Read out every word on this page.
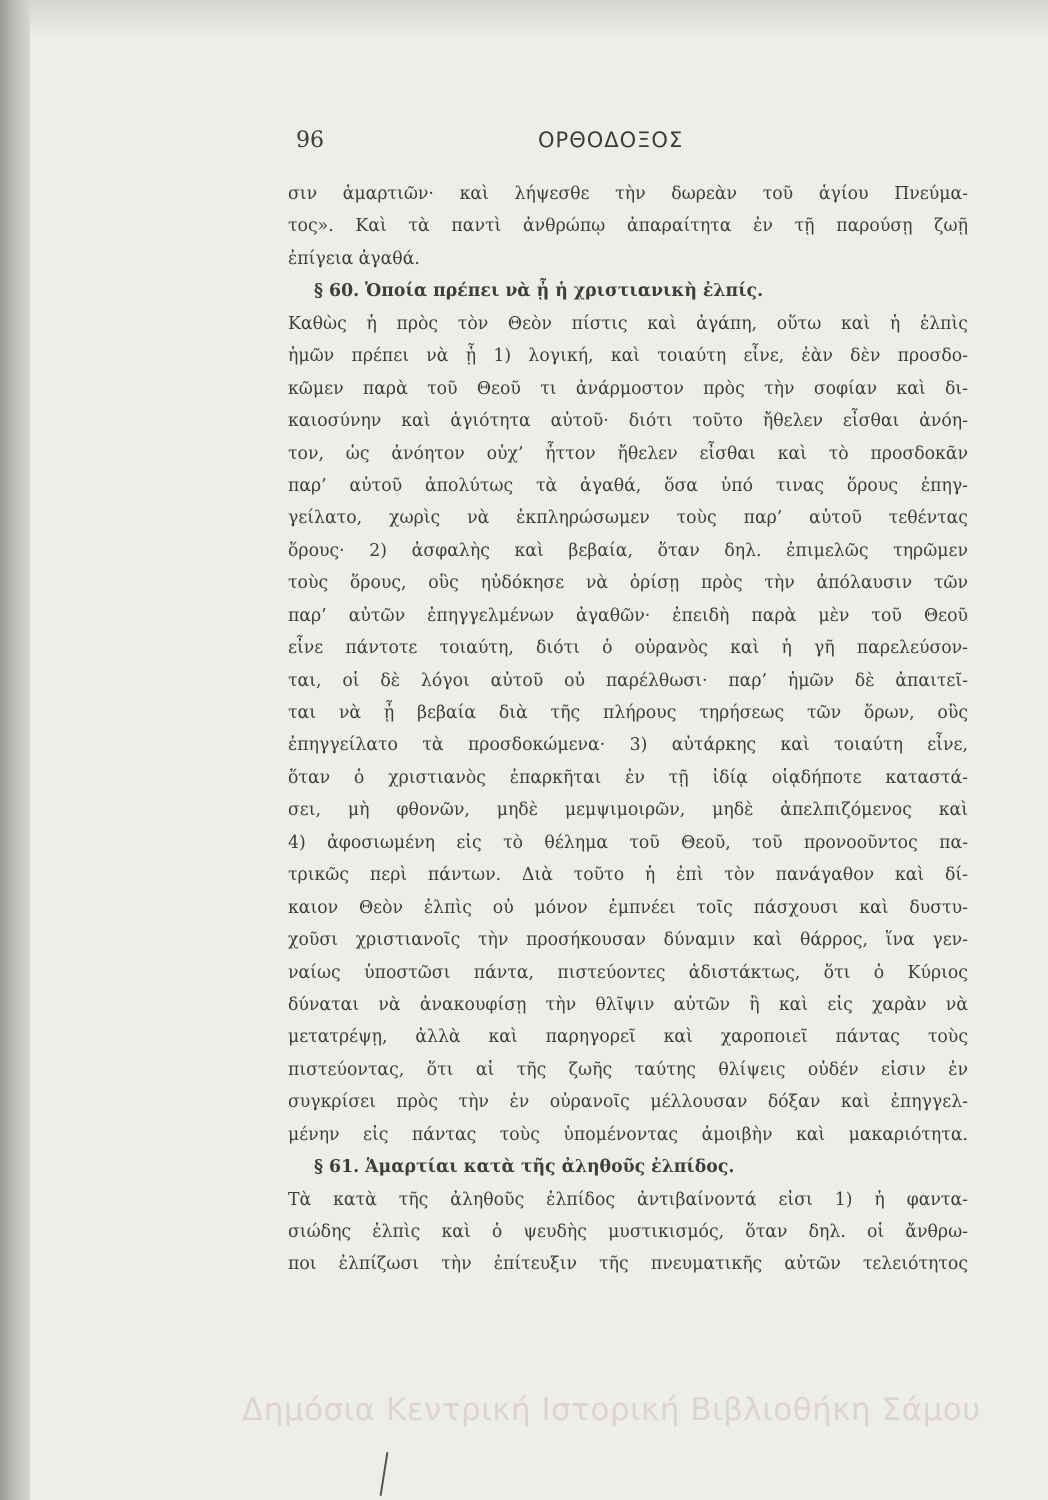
96	ΟΡΘΟΔΟΞΟΣ
σιν ἁμαρτιῶν· καὶ λήψεσθε τὴν δωρεὰν τοῦ ἁγίου Πνεύμα-
τος». Καὶ τὰ παντὶ ἀνθρώπῳ ἀπαραίτητα ἐν τῇ παρούσῃ ζωῇ
ἐπίγεια ἀγαθά.
§ 60. Ὁποία πρέπει νὰ ᾖ ἡ χριστιανικὴ ἐλπίς.
Καθὼς ἡ πρὸς τὸν Θεὸν πίστις καὶ ἀγάπη, οὕτω καὶ ἡ ἐλπὶς
ἡμῶν πρέπει νὰ ᾖ 1) λογική, καὶ τοιαύτη εἶνε, ἐὰν δὲν προσδο-
κῶμεν παρὰ τοῦ Θεοῦ τι ἀνάρμοστον πρὸς τὴν σοφίαν καὶ δι-
καιοσύνην καὶ ἁγιότητα αὐτοῦ· διότι τοῦτο ἤθελεν εἶσθαι ἀνόη-
τον, ὡς ἀνόητον οὐχ’ ἧττον ἤθελεν εἶσθαι καὶ τὸ προσδοκᾶν
παρ’ αὐτοῦ ἀπολύτως τὰ ἀγαθά, ὅσα ὑπό τινας ὅρους ἐπηγ-
γείλατο, χωρὶς νὰ ἐκπληρώσωμεν τοὺς παρ’ αὐτοῦ τεθέντας
ὅρους· 2) ἀσφαλὴς καὶ βεβαία, ὅταν δηλ. ἐπιμελῶς τηρῶμεν
τοὺς ὅρους, οὓς ηὐδόκησε νὰ ὁρίσῃ πρὸς τὴν ἀπόλαυσιν τῶν
παρ’ αὐτῶν ἐπηγγελμένων ἀγαθῶν· ἐπειδὴ παρὰ μὲν τοῦ Θεοῦ
εἶνε πάντοτε τοιαύτη, διότι ὁ οὐρανὸς καὶ ἡ γῆ παρελεύσον-
ται, οἱ δὲ λόγοι αὐτοῦ οὐ παρέλθωσι· παρ’ ἡμῶν δὲ ἀπαιτεῖ-
ται νὰ ᾖ βεβαία διὰ τῆς πλήρους τηρήσεως τῶν ὅρων, οὓς
ἐπηγγείλατο τὰ προσδοκώμενα· 3) αὐτάρκης καὶ τοιαύτη εἶνε,
ὅταν ὁ χριστιανὸς ἐπαρκῆται ἐν τῇ ἰδίᾳ οἱᾳδήποτε καταστά-
σει, μὴ φθονῶν, μηδὲ μεμψιμοιρῶν, μηδὲ ἀπελπιζόμενος καὶ
4) ἀφοσιωμένη εἰς τὸ θέλημα τοῦ Θεοῦ, τοῦ προνοοῦντος πα-
τρικῶς περὶ πάντων. Διὰ τοῦτο ἡ ἐπὶ τὸν πανάγαθον καὶ δί-
καιον Θεὸν ἐλπὶς οὐ μόνον ἐμπνέει τοῖς πάσχουσι καὶ δυστυ-
χοῦσι χριστιανοῖς τὴν προσήκουσαν δύναμιν καὶ θάρρος, ἵνα γεν-
ναίως ὑποστῶσι πάντα, πιστεύοντες ἀδιστάκτως, ὅτι ὁ Κύριος
δύναται νὰ ἀνακουφίσῃ τὴν θλῖψιν αὐτῶν ἢ καὶ εἰς χαρὰν νὰ
μετατρέψῃ, ἀλλὰ καὶ παρηγορεῖ καὶ χαροποιεῖ πάντας τοὺς
πιστεύοντας, ὅτι αἱ τῆς ζωῆς ταύτης θλίψεις οὐδέν εἰσιν ἐν
συγκρίσει πρὸς τὴν ἐν οὐρανοῖς μέλλουσαν δόξαν καὶ ἐπηγγελ-
μένην εἰς πάντας τοὺς ὑπομένοντας ἀμοιβὴν καὶ μακαριότητα.
§ 61. Ἁμαρτίαι κατὰ τῆς ἀληθοῦς ἐλπίδος.
Τὰ κατὰ τῆς ἀληθοῦς ἐλπίδος ἀντιβαίνοντά εἰσι 1) ἡ φαντα-
σιώδης ἐλπὶς καὶ ὁ ψευδὴς μυστικισμός, ὅταν δηλ. οἱ ἄνθρω-
ποι ἐλπίζωσι τὴν ἐπίτευξιν τῆς πνευματικῆς αὐτῶν τελειότητος
Δημόσια Κεντρική Ιστορική Βιβλιοθήκη Σάμου
